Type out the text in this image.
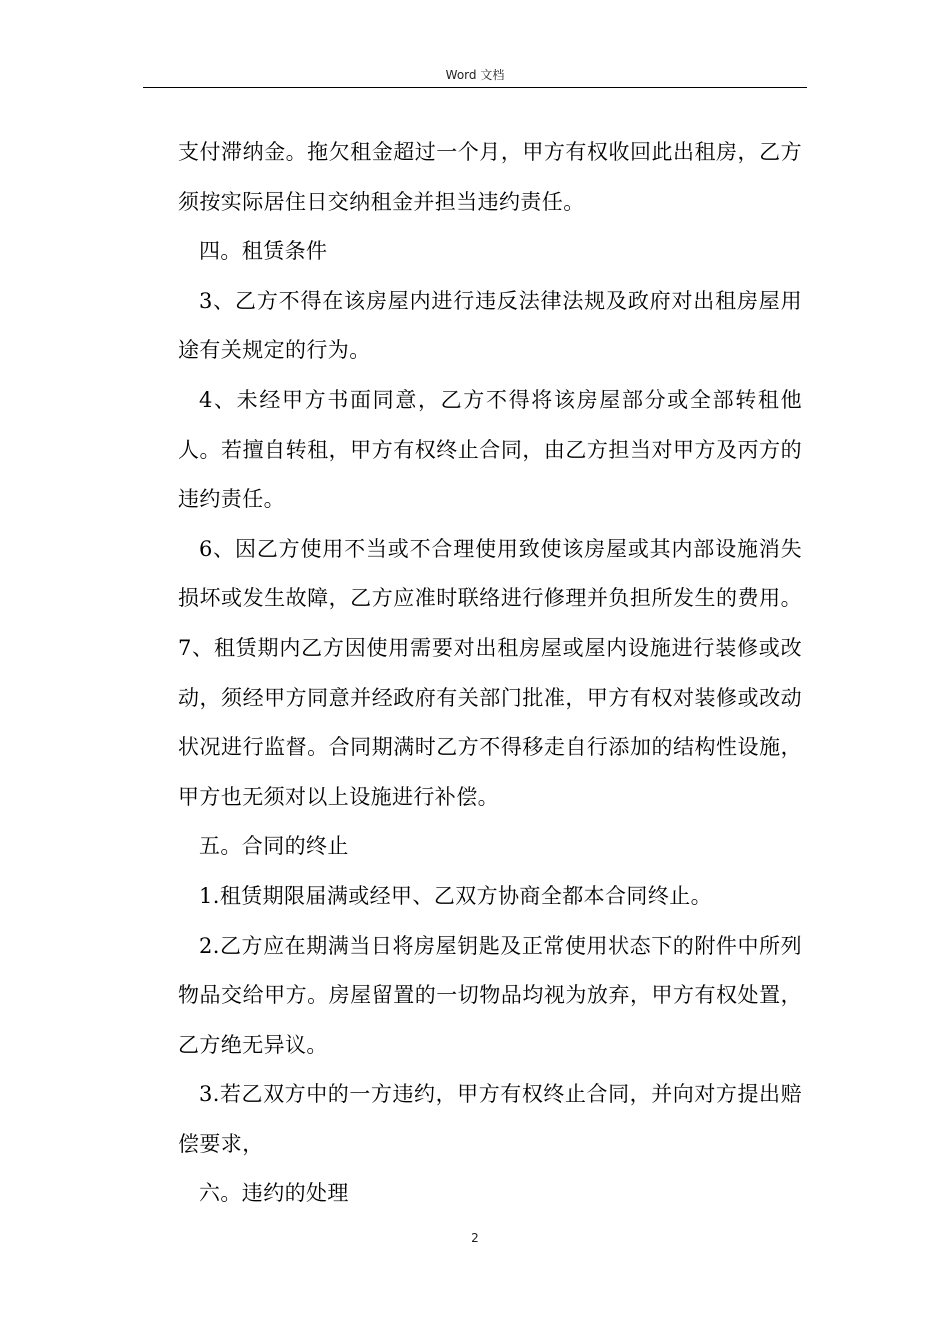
Word 文档

支付滞纳金。拖欠租金超过一个月，甲方有权收回此出租房，乙方须按实际居住日交纳租金并担当违约责任。

四。租赁条件

3、乙方不得在该房屋内进行违反法律法规及政府对出租房屋用途有关规定的行为。

4、未经甲方书面同意，乙方不得将该房屋部分或全部转租他人。若擅自转租，甲方有权终止合同，由乙方担当对甲方及丙方的违约责任。

6、因乙方使用不当或不合理使用致使该房屋或其内部设施消失损坏或发生故障，乙方应准时联络进行修理并负担所发生的费用。7、租赁期内乙方因使用需要对出租房屋或屋内设施进行装修或改动，须经甲方同意并经政府有关部门批准，甲方有权对装修或改动状况进行监督。合同期满时乙方不得移走自行添加的结构性设施，甲方也无须对以上设施进行补偿。

五。合同的终止

1.租赁期限届满或经甲、乙双方协商全都本合同终止。

2.乙方应在期满当日将房屋钥匙及正常使用状态下的附件中所列物品交给甲方。房屋留置的一切物品均视为放弃，甲方有权处置，乙方绝无异议。

3.若乙双方中的一方违约，甲方有权终止合同，并向对方提出赔偿要求，

六。违约的处理

2
